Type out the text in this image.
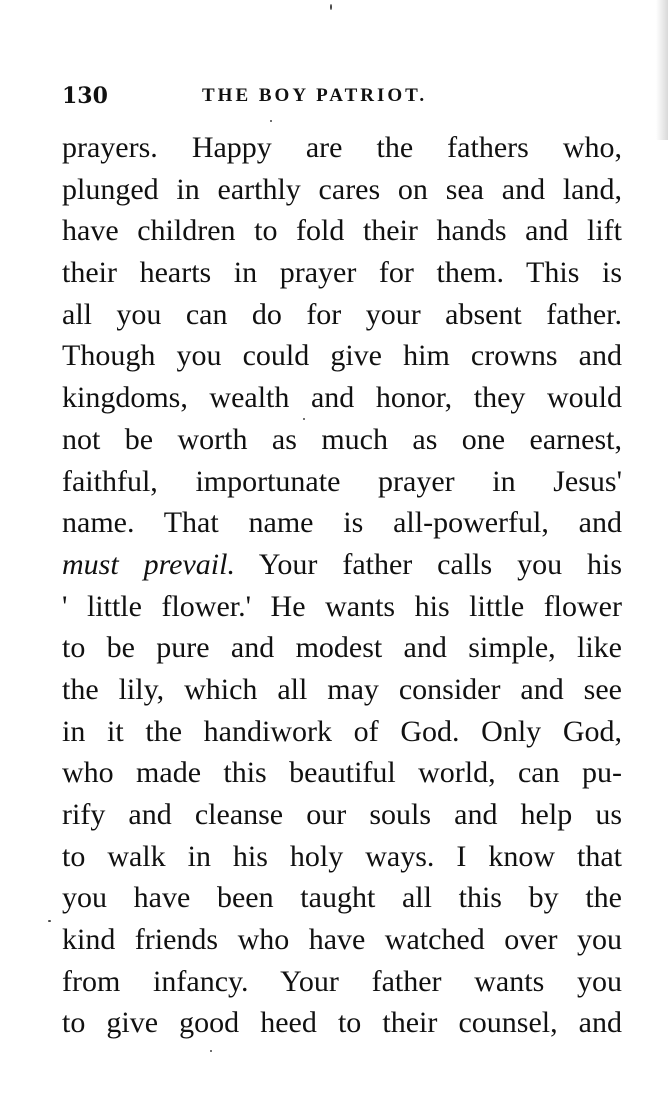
130	THE BOY PATRIOT.
prayers. Happy are the fathers who,
plunged in earthly cares on sea and land,
have children to fold their hands and lift
their hearts in prayer for them. This is
all you can do for your absent father.
Though you could give him crowns and
kingdoms, wealth and honor, they would
not be worth as much as one earnest,
faithful, importunate prayer in Jesus'
name. That name is all-powerful, and
must prevail. Your father calls you his
' little flower.' He wants his little flower
to be pure and modest and simple, like
the lily, which all may consider and see
in it the handiwork of God. Only God,
who made this beautiful world, can pu-
rify and cleanse our souls and help us
to walk in his holy ways. I know that
you have been taught all this by the
kind friends who have watched over you
from infancy. Your father wants you
to give good heed to their counsel, and
